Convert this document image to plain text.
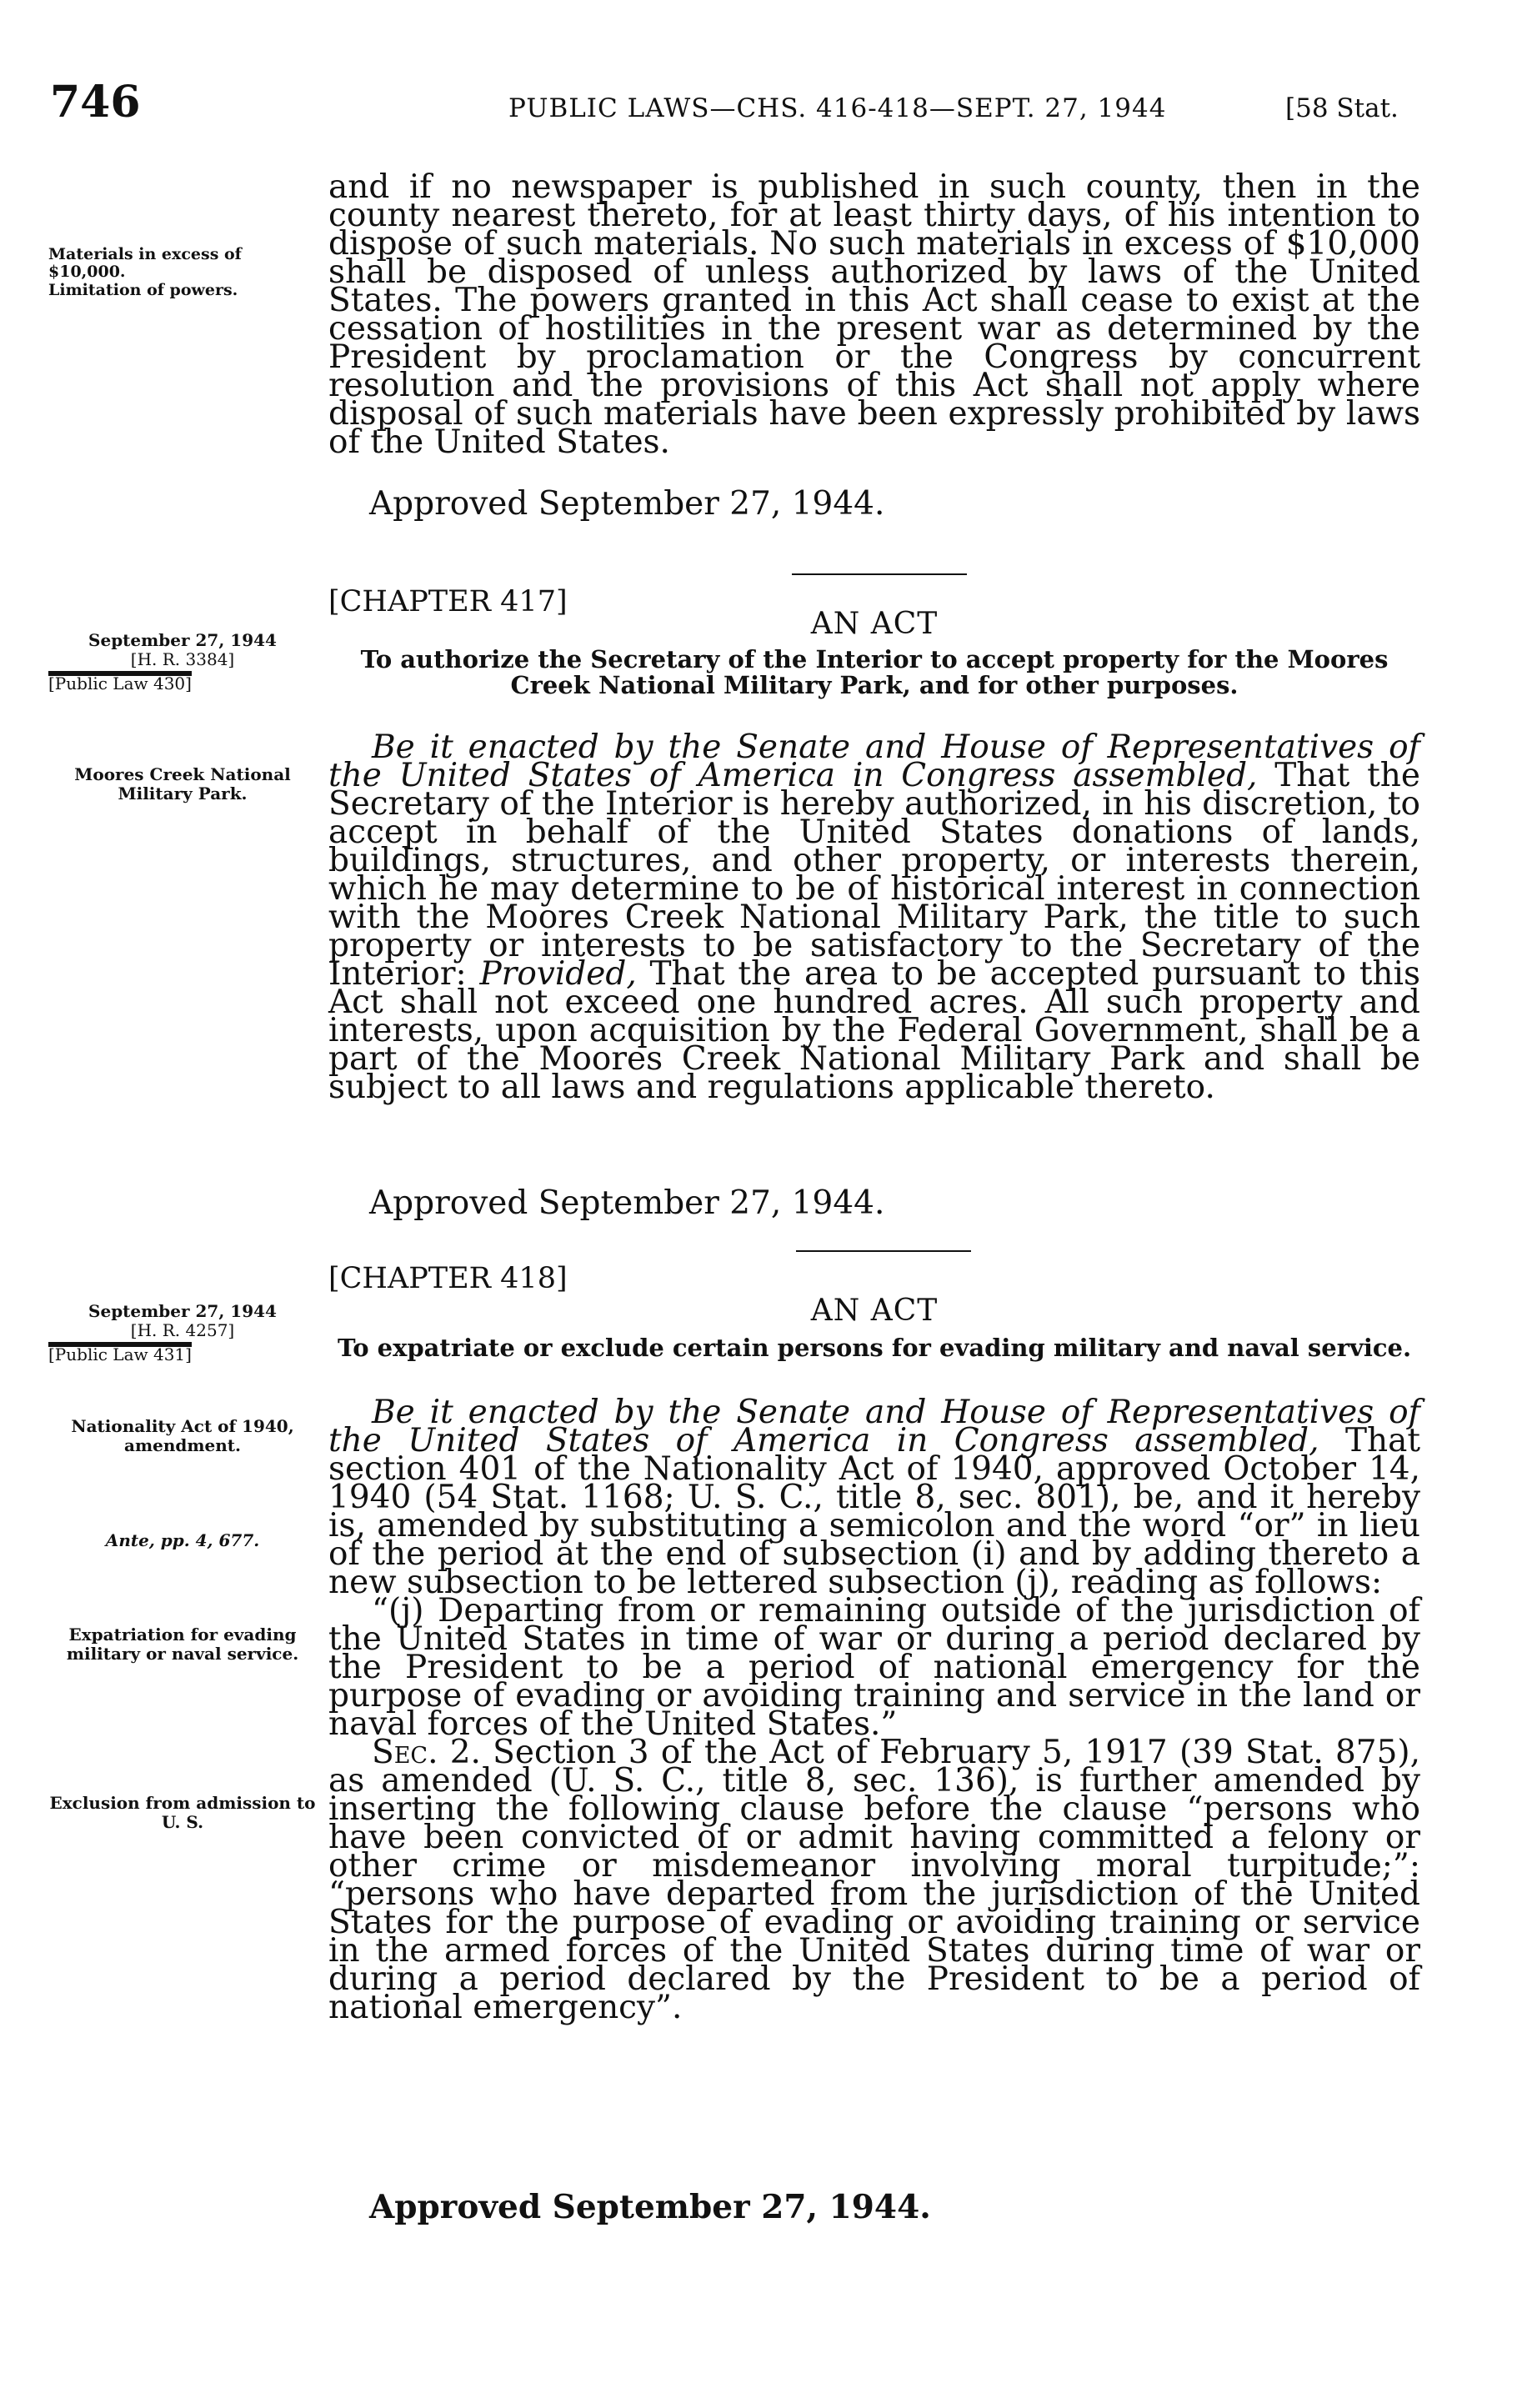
746	PUBLIC LAWS—CHS. 416-418—SEPT. 27, 1944	[58 Stat.
Materials in excess of $10,000.
Limitation of powers.

and if no newspaper is published in such county, then in the county nearest thereto, for at least thirty days, of his intention to dispose of such materials. No such materials in excess of $10,000 shall be disposed of unless authorized by laws of the United States. The powers granted in this Act shall cease to exist at the cessation of hostilities in the present war as determined by the President by proclamation or the Congress by concurrent resolution and the provisions of this Act shall not apply where disposal of such materials have been expressly prohibited by laws of the United States.

Approved September 27, 1944.
[CHAPTER 417]
AN ACT
To authorize the Secretary of the Interior to accept property for the Moores Creek National Military Park, and for other purposes.
September 27, 1944
[H. R. 3384]
[Public Law 430]
Moores Creek National Military Park.

Be it enacted by the Senate and House of Representatives of the United States of America in Congress assembled, That the Secretary of the Interior is hereby authorized, in his discretion, to accept in behalf of the United States donations of lands, buildings, structures, and other property, or interests therein, which he may determine to be of historical interest in connection with the Moores Creek National Military Park, the title to such property or interests to be satisfactory to the Secretary of the Interior: Provided, That the area to be accepted pursuant to this Act shall not exceed one hundred acres. All such property and interests, upon acquisition by the Federal Government, shall be a part of the Moores Creek National Military Park and shall be subject to all laws and regulations applicable thereto.

Approved September 27, 1944.
[CHAPTER 418]
AN ACT
To expatriate or exclude certain persons for evading military and naval service.
September 27, 1944
[H. R. 4257]
[Public Law 431]
Nationality Act of 1940, amendment.
Ante, pp. 4, 677.
Expatriation for evading military or naval service.
Exclusion from admission to U. S.

Be it enacted by the Senate and House of Representatives of the United States of America in Congress assembled, That section 401 of the Nationality Act of 1940, approved October 14, 1940 (54 Stat. 1168; U. S. C., title 8, sec. 801), be, and it hereby is, amended by substituting a semicolon and the word “or” in lieu of the period at the end of subsection (i) and by adding thereto a new subsection to be lettered subsection (j), reading as follows:

“(j) Departing from or remaining outside of the jurisdiction of the United States in time of war or during a period declared by the President to be a period of national emergency for the purpose of evading or avoiding training and service in the land or naval forces of the United States.”

Sec. 2. Section 3 of the Act of February 5, 1917 (39 Stat. 875), as amended (U. S. C., title 8, sec. 136), is further amended by inserting the following clause before the clause “persons who have been convicted of or admit having committed a felony or other crime or misdemeanor involving moral turpitude;”: “persons who have departed from the jurisdiction of the United States for the purpose of evading or avoiding training or service in the armed forces of the United States during time of war or during a period declared by the President to be a period of national emergency”.

Approved September 27, 1944.
